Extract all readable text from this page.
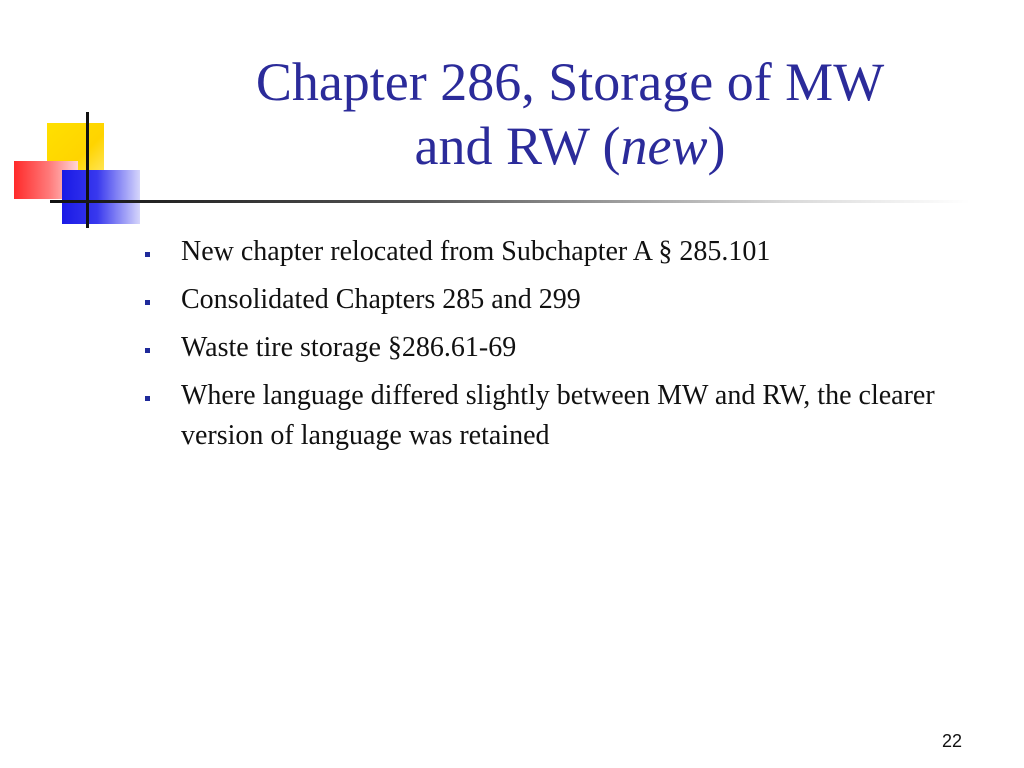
Chapter 286, Storage of MW
and RW (new)
New chapter relocated from Subchapter A § 285.101
Consolidated Chapters 285 and 299
Waste tire storage §286.61-69
Where language differed slightly between MW and RW, the clearer version of language was retained
22
